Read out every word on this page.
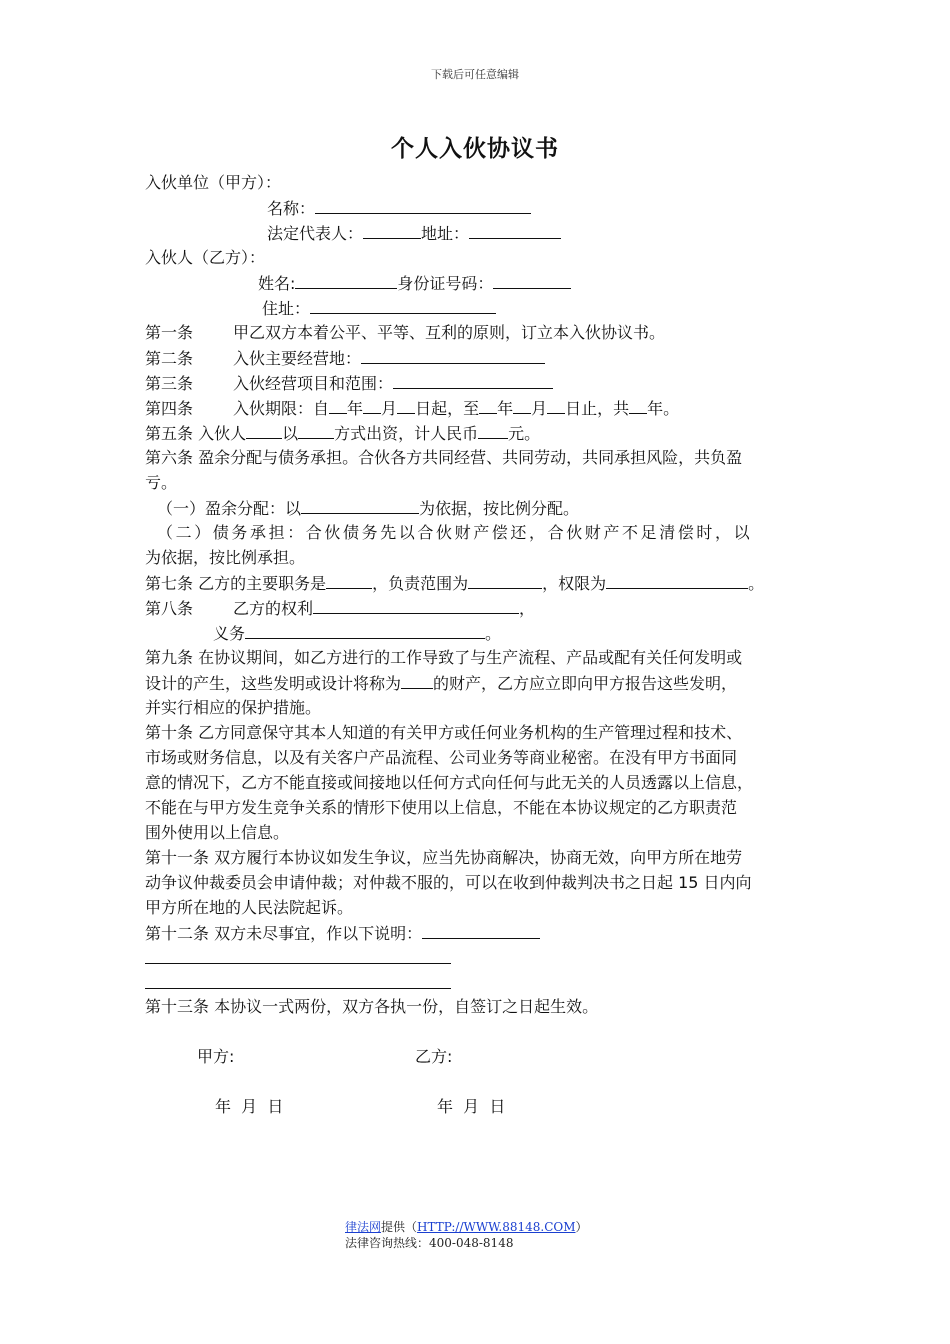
下载后可任意编辑
个人入伙协议书
入伙单位（甲方）：
名称：
法定代表人：	地址：
入伙人（乙方）：
姓名:	身份证号码：
住址：
第一条	甲乙双方本着公平、平等、互利的原则，订立本入伙协议书。
第二条	入伙主要经营地：
第三条	入伙经营项目和范围：
第四条	入伙期限：自 年 月 日起，至 年 月 日止，共 年。
第五条 入伙人 以 方式出资，计人民币 元。
第六条 盈余分配与债务承担。合伙各方共同经营、共同劳动，共同承担风险，共负盈
亏。
（一）盈余分配：以	为依据，按比例分配。
（二）债务承担：合伙债务先以合伙财产偿还，合伙财产不足清偿时，以
为依据，按比例承担。
第七条 乙方的主要职务是	，负责范围为	，权限为	。
第八条	乙方的权利	，
义务	。
第九条 在协议期间，如乙方进行的工作导致了与生产流程、产品或配有关任何发明或
设计的产生，这些发明或设计将称为 的财产，乙方应立即向甲方报告这些发明，
并实行相应的保护措施。
第十条 乙方同意保守其本人知道的有关甲方或任何业务机构的生产管理过程和技术、
市场或财务信息，以及有关客户产品流程、公司业务等商业秘密。在没有甲方书面同
意的情况下，乙方不能直接或间接地以任何方式向任何与此无关的人员透露以上信息，
不能在与甲方发生竞争关系的情形下使用以上信息，不能在本协议规定的乙方职责范
围外使用以上信息。
第十一条 双方履行本协议如发生争议，应当先协商解决，协商无效，向甲方所在地劳
动争议仲裁委员会申请仲裁；对仲裁不服的，可以在收到仲裁判决书之日起 15 日内向
甲方所在地的人民法院起诉。
第十二条 双方未尽事宜，作以下说明：
第十三条 本协议一式两份，双方各执一份，自签订之日起生效。
甲方:	乙方:
年  月  日	年  月  日
律法网提供（HTTP://WWW.88148.COM）
法律咨询热线：400-048-8148
